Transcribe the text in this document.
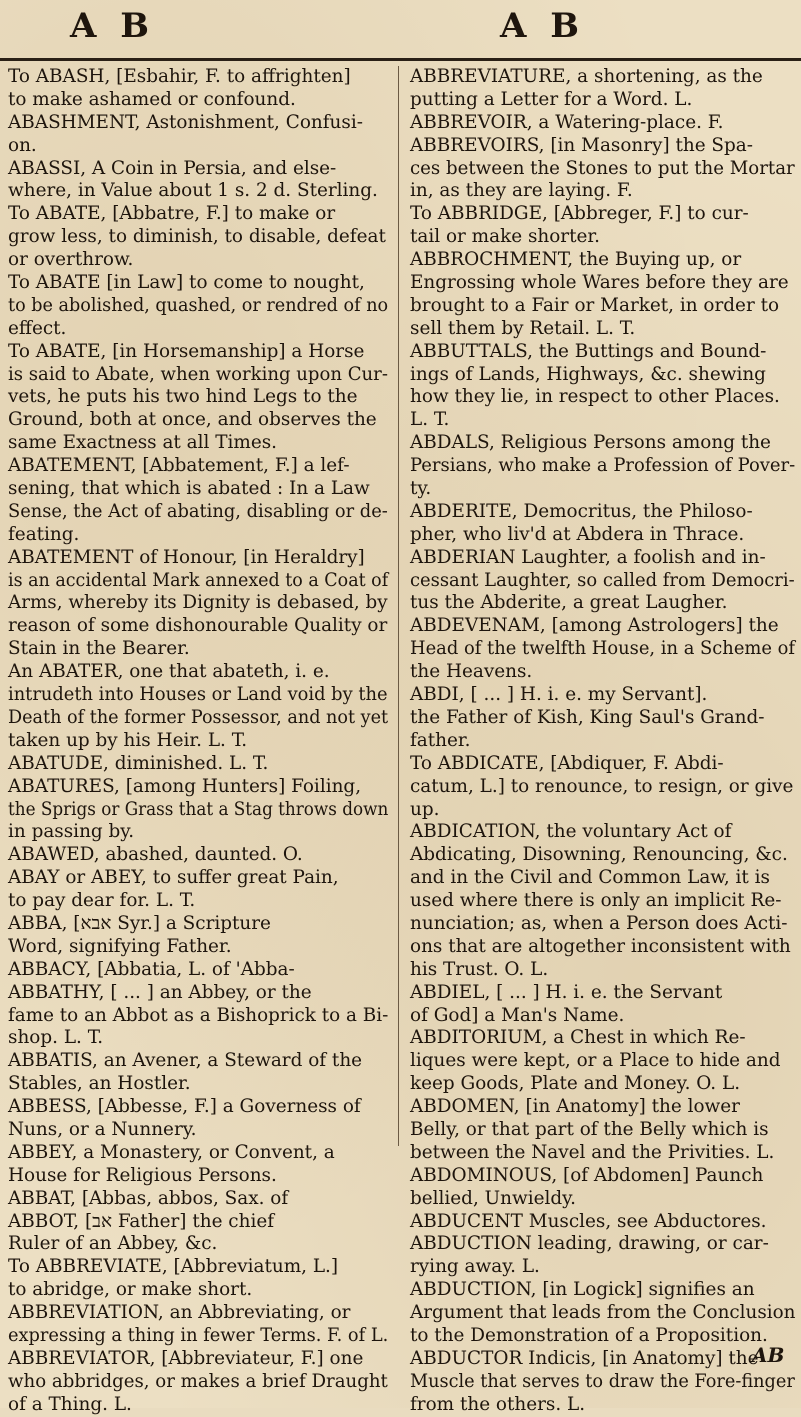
A B	A B
To ABASH, [Esbahir, F. to affrighten]
to make ashamed or confound.
ABASHMENT, Astonishment, Confusi-
on.
ABASSI, A Coin in Persia, and else-
where, in Value about 1 s. 2 d. Sterling.
To ABATE, [Abbatre, F.] to make or
grow less, to diminish, to disable, defeat
or overthrow.
To ABATE [in Law] to come to nought,
to be abolished, quashed, or rendred of no
effect.
To ABATE, [in Horsemanship] a Horse
is said to Abate, when working upon Cur-
vets, he puts his two hind Legs to the
Ground, both at once, and observes the
same Exactness at all Times.
ABATEMENT, [Abbatement, F.] a lef-
sening, that which is abated : In a Law
Sense, the Act of abating, disabling or de-
feating.
ABATEMENT of Honour, [in Heraldry]
is an accidental Mark annexed to a Coat of
Arms, whereby its Dignity is debased, by
reason of some dishonourable Quality or
Stain in the Bearer.
An ABATER, one that abateth, i. e.
intrudeth into Houses or Land void by the
Death of the former Possessor, and not yet
taken up by his Heir. L. T.
ABATUDE, diminished. L. T.
ABATURES, [among Hunters] Foiling,
the Sprigs or Grass that a Stag throws down
in passing by.
ABAWED, abashed, daunted. O.
ABAY or ABEY, to suffer great Pain,
to pay dear for. L. T.
ABBA, [אבא Syr.] a Scripture
Word, signifying Father.
ABBACY, [Abbatia, L. of 'Abba-
ABBATHY, [ ... ] an Abbey, or the
fame to an Abbot as a Bishoprick to a Bi-
shop. L. T.
ABBATIS, an Avener, a Steward of the
Stables, an Hostler.
ABBESS, [Abbesse, F.] a Governess of
Nuns, or a Nunnery.
ABBEY, a Monastery, or Convent, a
House for Religious Persons.
ABBAT, [Abbas, abbos, Sax. of
ABBOT, [אב Father] the chief
Ruler of an Abbey, &c.
To ABBREVIATE, [Abbreviatum, L.]
to abridge, or make short.
ABBREVIATION, an Abbreviating, or
expressing a thing in fewer Terms. F. of L.
ABBREVIATOR, [Abbreviateur, F.] one
who abbridges, or makes a brief Draught
of a Thing. L.
ABBREVIATURE, a shortening, as the
putting a Letter for a Word. L.
ABBREVOIR, a Watering-place. F.
ABBREVOIRS, [in Masonry] the Spa-
ces between the Stones to put the Mortar
in, as they are laying. F.
To ABBRIDGE, [Abbreger, F.] to cur-
tail or make shorter.
ABBROCHMENT, the Buying up, or
Engrossing whole Wares before they are
brought to a Fair or Market, in order to
sell them by Retail. L. T.
ABBUTTALS, the Buttings and Bound-
ings of Lands, Highways, &c. shewing
how they lie, in respect to other Places.
L. T.
ABDALS, Religious Persons among the
Persians, who make a Profession of Pover-
ty.
ABDERITE, Democritus, the Philoso-
pher, who liv'd at Abdera in Thrace.
ABDERIAN Laughter, a foolish and in-
cessant Laughter, so called from Democri-
tus the Abderite, a great Laugher.
ABDEVENAM, [among Astrologers] the
Head of the twelfth House, in a Scheme of
the Heavens.
ABDI, [ ... ] H. i. e. my Servant].
the Father of Kish, King Saul's Grand-
father.
To ABDICATE, [Abdiquer, F. Abdi-
catum, L.] to renounce, to resign, or give
up.
ABDICATION, the voluntary Act of
Abdicating, Disowning, Renouncing, &c.
and in the Civil and Common Law, it is
used where there is only an implicit Re-
nunciation; as, when a Person does Acti-
ons that are altogether inconsistent with
his Trust. O. L.
ABDIEL, [ ... ] H. i. e. the Servant
of God] a Man's Name.
ABDITORIUM, a Chest in which Re-
liques were kept, or a Place to hide and
keep Goods, Plate and Money. O. L.
ABDOMEN, [in Anatomy] the lower
Belly, or that part of the Belly which is
between the Navel and the Privities. L.
ABDOMINOUS, [of Abdomen] Paunch
bellied, Unwieldy.
ABDUCENT Muscles, see Abductores.
ABDUCTION leading, drawing, or car-
rying away. L.
ABDUCTION, [in Logick] signifies an
Argument that leads from the Conclusion
to the Demonstration of a Proposition.
ABDUCTOR Indicis, [in Anatomy] the
Muscle that serves to draw the Fore-finger
from the others. L.
AB
